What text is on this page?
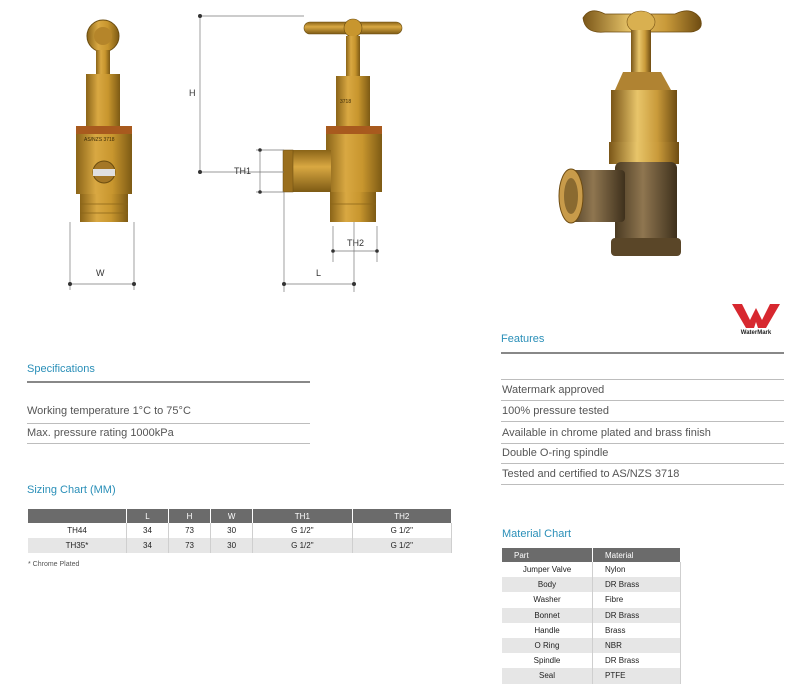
AS/NZS 3718
W
3718
H
TH1
TH2
L
WaterMark
Specifications
Working temperature 1°C to 75°C
Max. pressure rating 1000kPa
Sizing Chart (MM)
	L	H	W	TH1	TH2
TH44	34	73	30	G 1/2"	G 1/2"
TH35*	34	73	30	G 1/2"	G 1/2"
* Chrome Plated
Features
Watermark approved
100% pressure tested
Available in chrome plated and brass finish
Double O-ring spindle
Tested and certified to AS/NZS 3718
Material Chart
Part	Material
Jumper Valve	Nylon
Body	DR Brass
Washer	Fibre
Bonnet	DR Brass
Handle	Brass
O Ring	NBR
Spindle	DR Brass
Seal	PTFE
